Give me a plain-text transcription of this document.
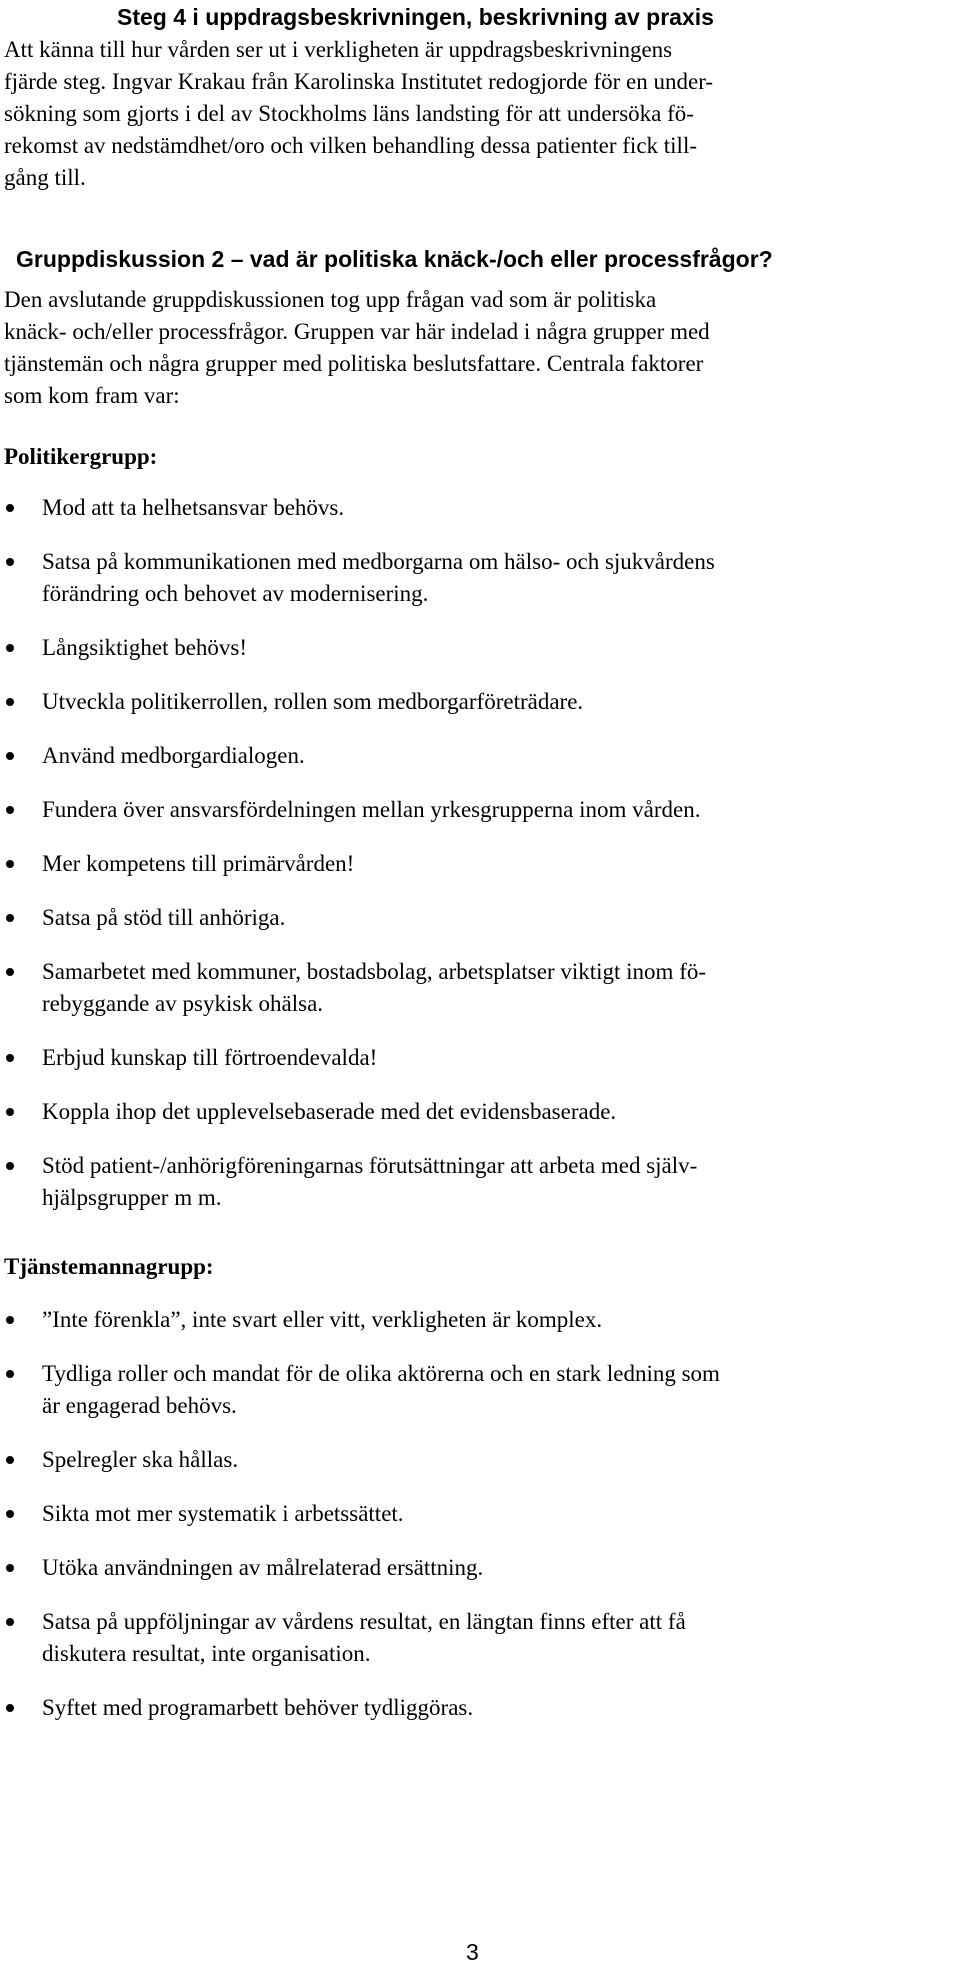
Steg 4 i uppdragsbeskrivningen, beskrivning av praxis
Att känna till hur vården ser ut i verkligheten är uppdragsbeskrivningens
fjärde steg. Ingvar Krakau från Karolinska Institutet redogjorde för en under-
sökning som gjorts i del av Stockholms läns landsting för att undersöka fö-
rekomst av nedstämdhet/oro och vilken behandling dessa patienter fick till-
gång till.
Gruppdiskussion 2 – vad är politiska knäck-/och eller processfrågor?
Den avslutande gruppdiskussionen tog upp frågan vad som är politiska
knäck- och/eller processfrågor. Gruppen var här indelad i några grupper med
tjänstemän och några grupper med politiska beslutsfattare. Centrala faktorer
som kom fram var:
Politikergrupp:
Mod att ta helhetsansvar behövs.
Satsa på kommunikationen med medborgarna om hälso- och sjukvårdens
förändring och behovet av modernisering.
Långsiktighet behövs!
Utveckla politikerrollen, rollen som medborgarföreträdare.
Använd medborgardialogen.
Fundera över ansvarsfördelningen mellan yrkesgrupperna inom vården.
Mer kompetens till primärvården!
Satsa på stöd till anhöriga.
Samarbetet med kommuner, bostadsbolag, arbetsplatser viktigt inom fö-
rebyggande av psykisk ohälsa.
Erbjud kunskap till förtroendevalda!
Koppla ihop det upplevelsebaserade med det evidensbaserade.
Stöd patient-/anhörigföreningarnas förutsättningar att arbeta med själv-
hjälpsgrupper m m.
Tjänstemannagrupp:
”Inte förenkla”, inte svart eller vitt, verkligheten är komplex.
Tydliga roller och mandat för de olika aktörerna och en stark ledning som
är engagerad behövs.
Spelregler ska hållas.
Sikta mot mer systematik i arbetssättet.
Utöka användningen av målrelaterad ersättning.
Satsa på uppföljningar av vårdens resultat, en längtan finns efter att få
diskutera resultat, inte organisation.
Syftet med programarbett behöver tydliggöras.
3
